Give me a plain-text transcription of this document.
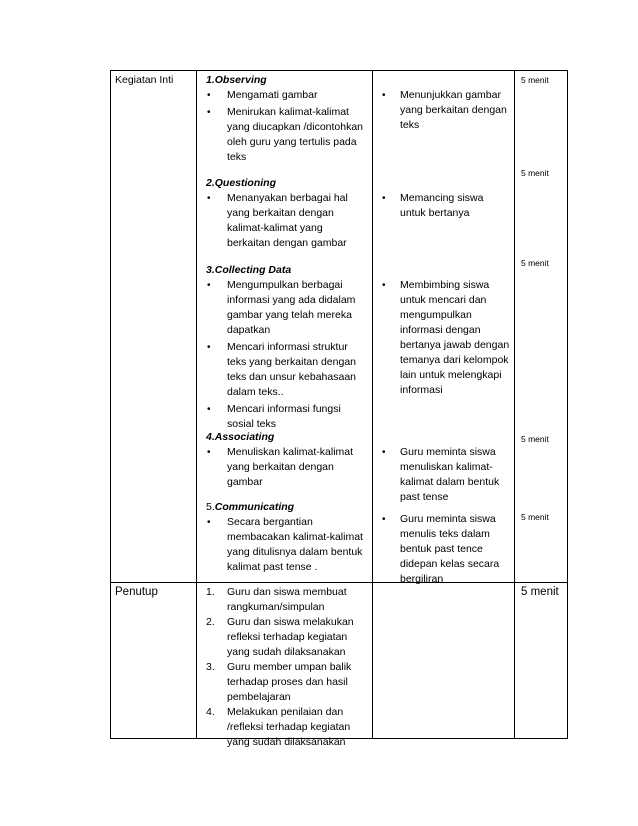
Kegiatan Inti	1.Observing
• Mengamati gambar
• Menirukan kalimat-kalimat
yang diucapkan /dicontohkan
oleh guru yang tertulis pada
teks
• Menunjukkan gambar
yang berkaitan dengan
teks
5 menit
2.Questioning
• Menanyakan berbagai hal
yang berkaitan dengan
kalimat-kalimat yang
berkaitan dengan gambar
• Memancing siswa
untuk bertanya
5 menit
3.Collecting Data
• Mengumpulkan berbagai
informasi yang ada didalam
gambar yang telah mereka
dapatkan
• Mencari informasi struktur
teks yang berkaitan dengan
teks dan unsur kebahasaan
dalam teks..
• Mencari informasi fungsi
sosial teks
• Membimbing siswa
untuk mencari dan
mengumpulkan
informasi dengan
bertanya jawab dengan
temanya dari kelompok
lain untuk melengkapi
informasi
5 menit
4.Associating
• Menuliskan kalimat-kalimat
yang berkaitan dengan
gambar
• Guru meminta siswa
menuliskan kalimat-
kalimat dalam bentuk
past tense
5 menit
5.Communicating
• Secara bergantian
membacakan kalimat-kalimat
yang ditulisnya dalam bentuk
kalimat past tense .
• Guru meminta siswa
menulis teks dalam
bentuk past tence
didepan kelas secara
bergiliran
5 menit
Penutup	1. Guru dan siswa membuat
rangkuman/simpulan
2. Guru dan siswa melakukan
refleksi terhadap kegiatan
yang sudah dilaksanakan
3. Guru member umpan balik
terhadap proses dan hasil
pembelajaran
4. Melakukan penilaian dan
/refleksi terhadap kegiatan
yang sudah dilaksanakan
5 menit
